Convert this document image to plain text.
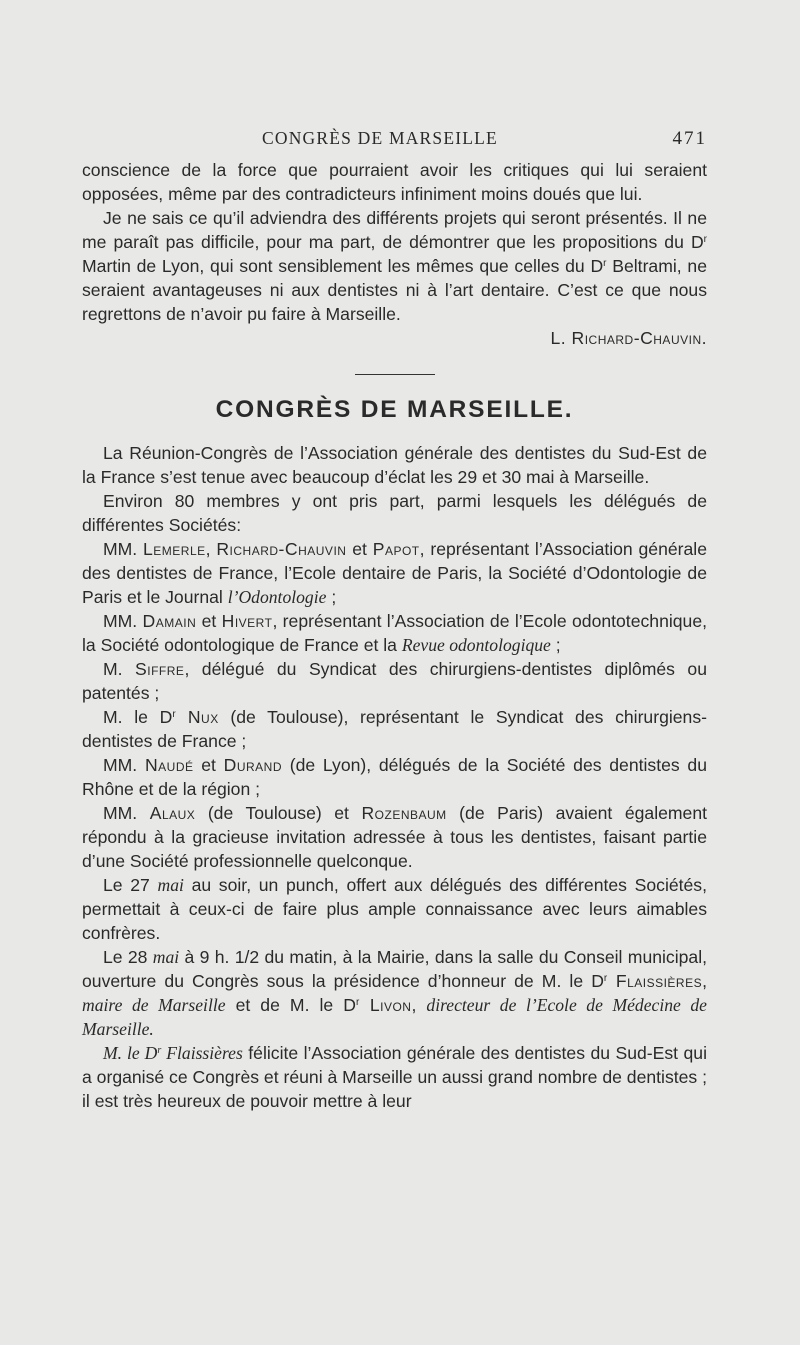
CONGRÈS DE MARSEILLE	471

conscience de la force que pourraient avoir les critiques qui lui seraient opposées, même par des contradicteurs infiniment moins doués que lui.

Je ne sais ce qu’il adviendra des différents projets qui seront présentés. Il ne me paraît pas difficile, pour ma part, de démontrer que les propositions du $D^r$ Martin de Lyon, qui sont sensiblement les mêmes que celles du $D^r$ Beltrami, ne seraient avantageuses ni aux dentistes ni à l’art dentaire. C’est ce que nous regrettons de n’avoir pu faire à Marseille.

L. Richard-Chauvin.

CONGRÈS DE MARSEILLE.

La Réunion-Congrès de l’Association générale des dentistes du Sud-Est de la France s’est tenue avec beaucoup d’éclat les 29 et 30 mai à Marseille.

Environ 80 membres y ont pris part, parmi lesquels les délégués de différentes Sociétés:

MM. Lemerle, Richard-Chauvin et Papot, représentant l’Association générale des dentistes de France, l’Ecole dentaire de Paris, la Société d’Odontologie de Paris et le Journal l’Odontologie ;

MM. Damain et Hivert, représentant l’Association de l’Ecole odontotechnique, la Société odontologique de France et la Revue odontologique ;

M. Siffre, délégué du Syndicat des chirurgiens-dentistes diplômés ou patentés ;

M. le $D^r$ Nux (de Toulouse), représentant le Syndicat des chirurgiens-dentistes de France ;

MM. Naudé et Durand (de Lyon), délégués de la Société des dentistes du Rhône et de la région ;

MM. Alaux (de Toulouse) et Rozenbaum (de Paris) avaient également répondu à la gracieuse invitation adressée à tous les dentistes, faisant partie d’une Société professionnelle quelconque.

Le 27 mai au soir, un punch, offert aux délégués des différentes Sociétés, permettait à ceux-ci de faire plus ample connaissance avec leurs aimables confrères.

Le 28 mai à 9 h. 1/2 du matin, à la Mairie, dans la salle du Conseil municipal, ouverture du Congrès sous la présidence d’honneur de M. le $D^r$ Flaissières, maire de Marseille et de M. le $D^r$ Livon, directeur de l’Ecole de Médecine de Marseille.

M. le $D^r$ Flaissières félicite l’Association générale des dentistes du Sud-Est qui a organisé ce Congrès et réuni à Marseille un aussi grand nombre de dentistes ; il est très heureux de pouvoir mettre à leur
